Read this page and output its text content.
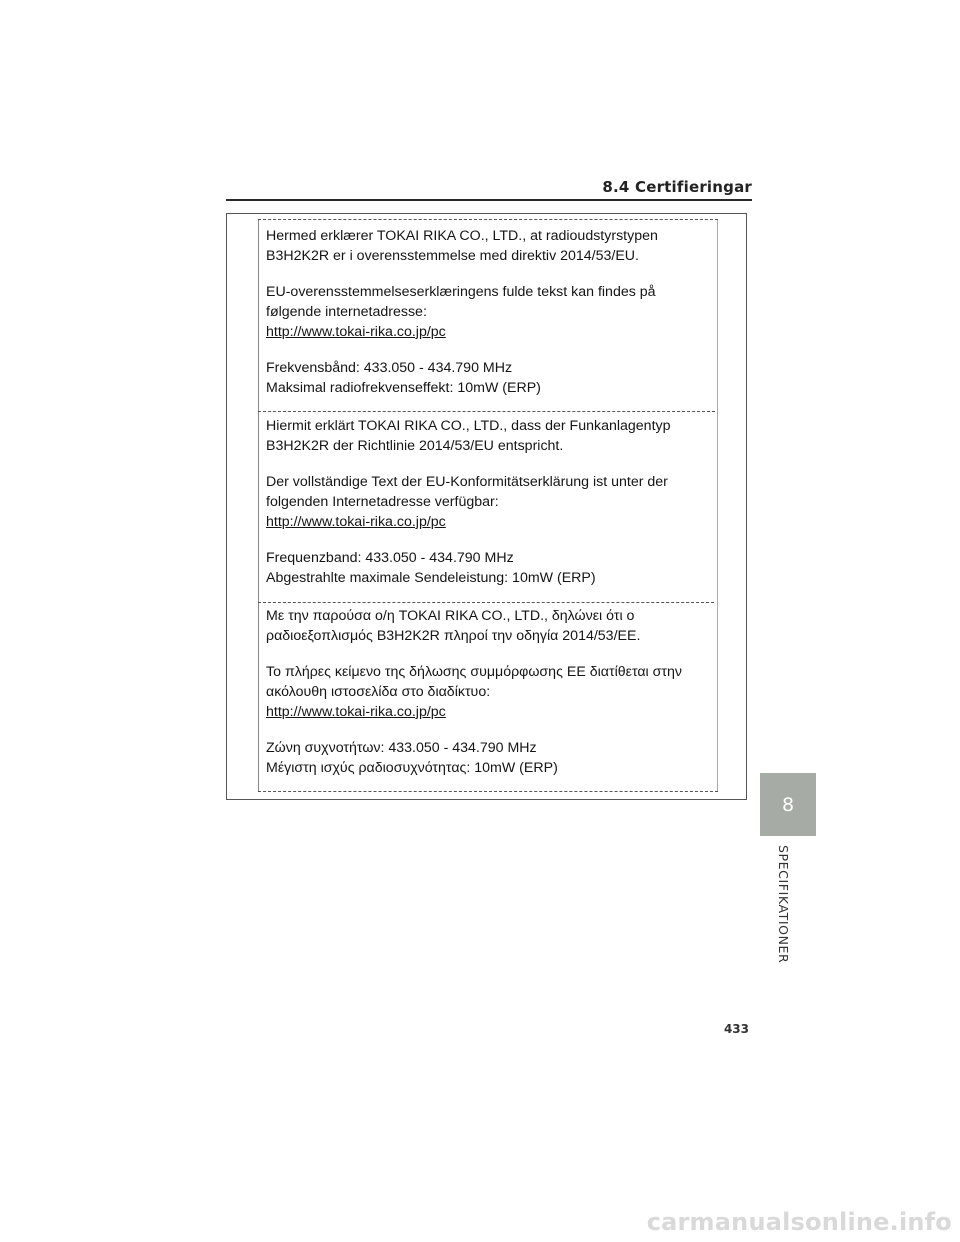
8.4 Certifieringar

Hermed erklærer TOKAI RIKA CO., LTD., at radioudstyrstypen
B3H2K2R er i overensstemmelse med direktiv 2014/53/EU.

EU-overensstemmelseserklæringens fulde tekst kan findes på
følgende internetadresse:
http://www.tokai-rika.co.jp/pc

Frekvensbånd: 433.050 - 434.790 MHz
Maksimal radiofrekvenseffekt: 10mW (ERP)

Hiermit erklärt TOKAI RIKA CO., LTD., dass der Funkanlagentyp
B3H2K2R der Richtlinie 2014/53/EU entspricht.

Der vollständige Text der EU-Konformitätserklärung ist unter der
folgenden Internetadresse verfügbar:
http://www.tokai-rika.co.jp/pc

Frequenzband: 433.050 - 434.790 MHz
Abgestrahlte maximale Sendeleistung: 10mW (ERP)

Με την παρούσα ο/η TOKAI RIKA CO., LTD., δηλώνει ότι ο
ραδιοεξοπλισμός B3H2K2R πληροί την οδηγία 2014/53/ΕΕ.

Το πλήρες κείμενο της δήλωσης συμμόρφωσης ΕΕ διατίθεται στην
ακόλουθη ιστοσελίδα στο διαδίκτυο:
http://www.tokai-rika.co.jp/pc

Ζώνη συχνοτήτων: 433.050 - 434.790 MHz
Μέγιστη ισχύς ραδιοσυχνότητας: 10mW (ERP)

8
SPECIFIKATIONER
433
carmanualsonline.info
